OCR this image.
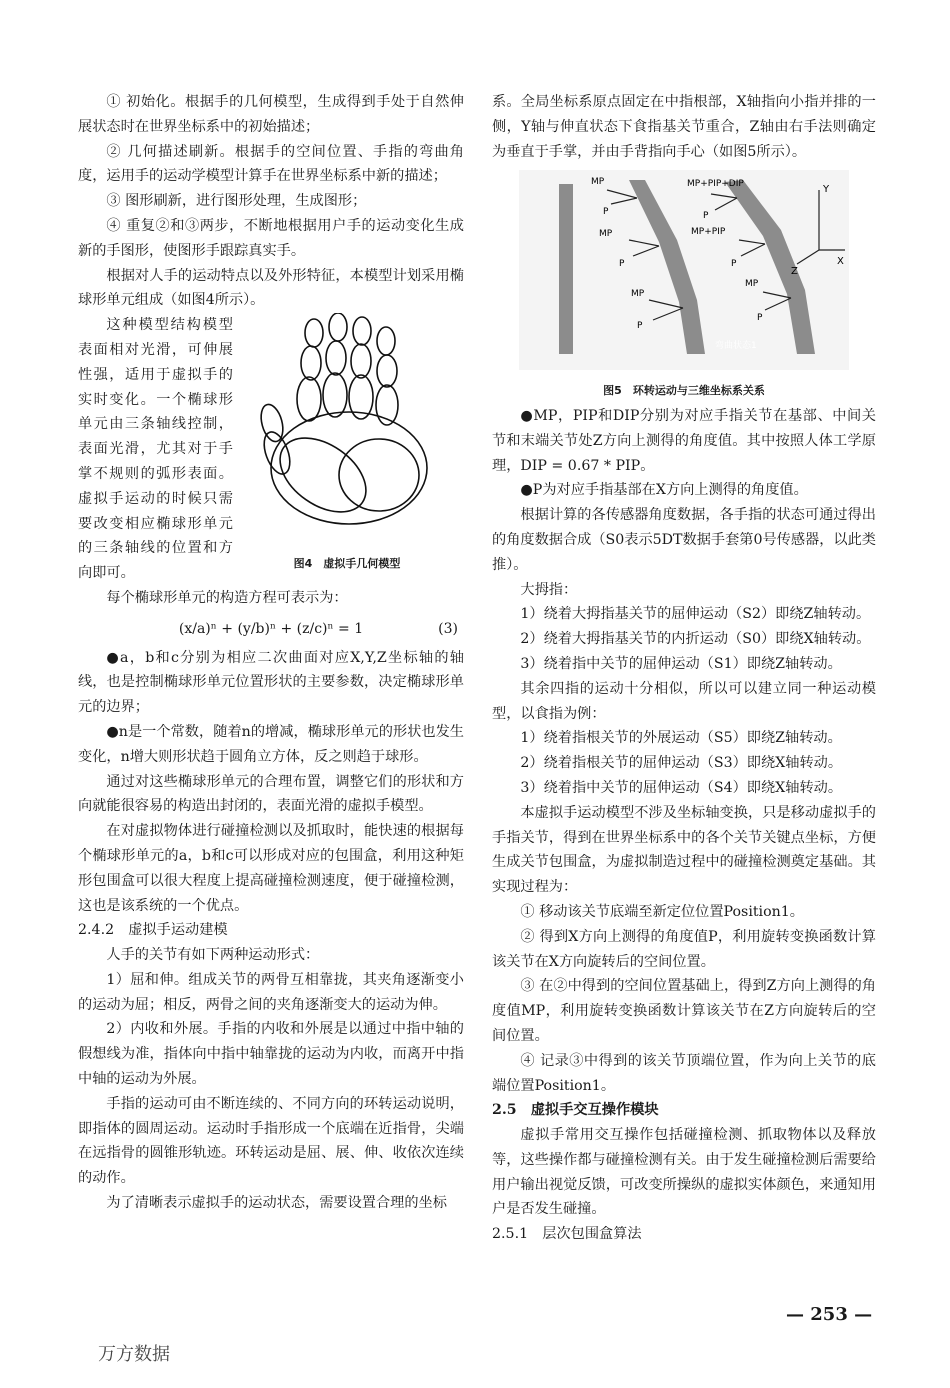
① 初始化。根据手的几何模型，生成得到手处于自然伸展状态时在世界坐标系中的初始描述；

② 几何描述刷新。根据手的空间位置、手指的弯曲角度，运用手的运动学模型计算手在世界坐标系中新的描述；

③ 图形刷新，进行图形处理，生成图形；

④ 重复②和③两步，不断地根据用户手的运动变化生成新的手图形，使图形手跟踪真实手。

根据对人手的运动特点以及外形特征，本模型计划采用椭球形单元组成（如图4所示）。

这种模型结构模型表面相对光滑，可伸展性强，适用于虚拟手的实时变化。一个椭球形单元由三条轴线控制，表面光滑，尤其对于手掌不规则的弧形表面。虚拟手运动的时候只需要改变相应椭球形单元的三条轴线的位置和方向即可。

图4　虚拟手几何模型

每个椭球形单元的构造方程可表示为：

(x/a)ⁿ + (y/b)ⁿ + (z/c)ⁿ = 1	(3)

●a，b和c分别为相应二次曲面对应X,Y,Z坐标轴的轴线，也是控制椭球形单元位置形状的主要参数，决定椭球形单元的边界；

●n是一个常数，随着n的增减，椭球形单元的形状也发生变化，n增大则形状趋于圆角立方体，反之则趋于球形。

通过对这些椭球形单元的合理布置，调整它们的形状和方向就能很容易的构造出封闭的，表面光滑的虚拟手模型。

在对虚拟物体进行碰撞检测以及抓取时，能快速的根据每个椭球形单元的a，b和c可以形成对应的包围盒，利用这种矩形包围盒可以很大程度上提高碰撞检测速度，便于碰撞检测，这也是该系统的一个优点。

2.4.2　虚拟手运动建模

人手的关节有如下两种运动形式：

1）屈和伸。组成关节的两骨互相靠拢，其夹角逐渐变小的运动为屈；相反，两骨之间的夹角逐渐变大的运动为伸。

2）内收和外展。手指的内收和外展是以通过中指中轴的假想线为准，指体向中指中轴靠拢的运动为内收，而离开中指中轴的运动为外展。

手指的运动可由不断连续的、不同方向的环转运动说明，即指体的圆周运动。运动时手指形成一个底端在近指骨，尖端在远指骨的圆锥形轨迹。环转运动是屈、展、伸、收依次连续的动作。

为了清晰表示虚拟手的运动状态，需要设置合理的坐标

系。全局坐标系原点固定在中指根部，X轴指向小指并排的一侧，Y轴与伸直状态下食指基关节重合，Z轴由右手法则确定为垂直于手掌，并由手背指向手心（如图5所示）。

MP
P
MP
P
MP
P
MP+PIP+DIP
P
MP+PIP
P
MP
P
弯曲状态1
Y
X
Z
图5　环转运动与三维坐标系关系

●MP，PIP和DIP分别为对应手指关节在基部、中间关节和末端关节处Z方向上测得的角度值。其中按照人体工学原理，DIP = 0.67 * PIP。

●P为对应手指基部在X方向上测得的角度值。

根据计算的各传感器角度数据，各手指的状态可通过得出的角度数据合成（S0表示5DT数据手套第0号传感器，以此类推）。

大拇指：

1）绕着大拇指基关节的屈伸运动（S2）即绕Z轴转动。

2）绕着大拇指基关节的内折运动（S0）即绕X轴转动。

3）绕着指中关节的屈伸运动（S1）即绕Z轴转动。

其余四指的运动十分相似，所以可以建立同一种运动模型，以食指为例：

1）绕着指根关节的外展运动（S5）即绕Z轴转动。

2）绕着指根关节的屈伸运动（S3）即绕X轴转动。

3）绕着指中关节的屈伸运动（S4）即绕X轴转动。

本虚拟手运动模型不涉及坐标轴变换，只是移动虚拟手的手指关节，得到在世界坐标系中的各个关节关键点坐标，方便生成关节包围盒，为虚拟制造过程中的碰撞检测奠定基础。其实现过程为：

① 移动该关节底端至新定位位置Position1。

② 得到X方向上测得的角度值P，利用旋转变换函数计算该关节在X方向旋转后的空间位置。

③ 在②中得到的空间位置基础上，得到Z方向上测得的角度值MP，利用旋转变换函数计算该关节在Z方向旋转后的空间位置。

④ 记录③中得到的该关节顶端位置，作为向上关节的底端位置Position1。

2.5　虚拟手交互操作模块

虚拟手常用交互操作包括碰撞检测、抓取物体以及释放等，这些操作都与碰撞检测有关。由于发生碰撞检测后需要给用户输出视觉反馈，可改变所操纵的虚拟实体颜色，来通知用户是否发生碰撞。

2.5.1　层次包围盒算法

— 253 —
万方数据
